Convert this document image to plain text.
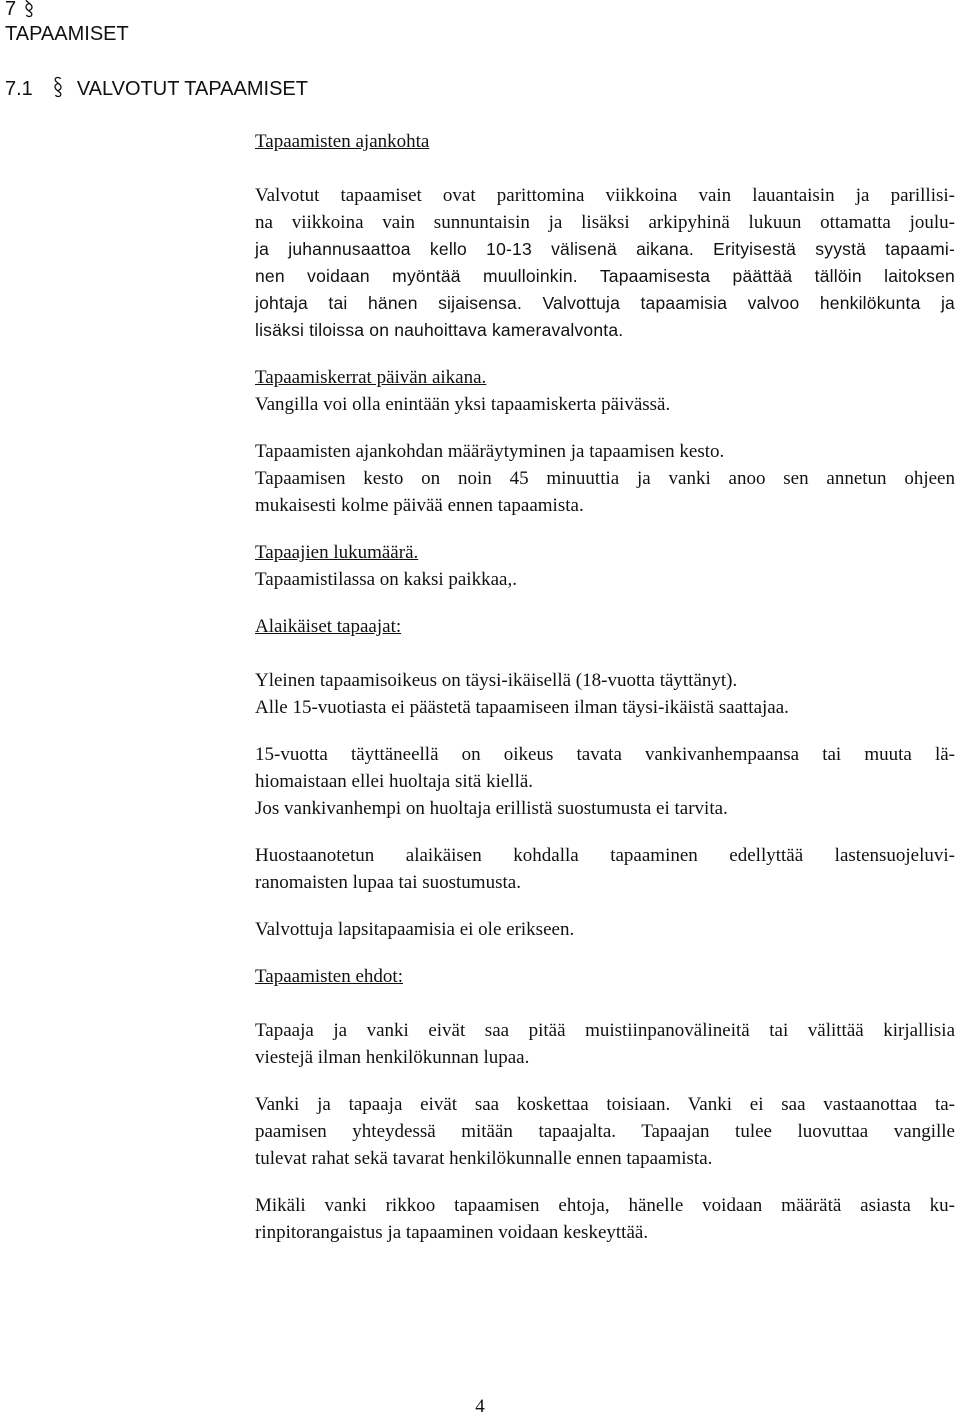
7
TAPAAMISET
7.1 VALVOTUT TAPAAMISET
Tapaamisten ajankohta
Valvotut tapaamiset ovat parittomina viikkoina vain lauantaisin ja parillisi-
na viikkoina vain sunnuntaisin ja lisäksi arkipyhinä lukuun ottamatta joulu-
ja juhannusaattoa kello 10-13 välisenä aikana. Erityisestä syystä tapaami-
nen voidaan myöntää muulloinkin. Tapaamisesta päättää tällöin laitoksen
johtaja tai hänen sijaisensa. Valvottuja tapaamisia valvoo henkilökunta ja
lisäksi tiloissa on nauhoittava kameravalvonta.
Tapaamiskerrat päivän aikana.
Vangilla voi olla enintään yksi tapaamiskerta päivässä.
Tapaamisten ajankohdan määräytyminen ja tapaamisen kesto.
Tapaamisen kesto on noin 45 minuuttia ja vanki anoo sen annetun ohjeen
mukaisesti kolme päivää ennen tapaamista.
Tapaajien lukumäärä.
Tapaamistilassa on kaksi paikkaa,.
Alaikäiset tapaajat:
Yleinen tapaamisoikeus on täysi-ikäisellä (18-vuotta täyttänyt).
Alle 15-vuotiasta ei päästetä tapaamiseen ilman täysi-ikäistä saattajaa.
15-vuotta täyttäneellä on oikeus tavata vankivanhempaansa tai muuta lä-
hiomaistaan ellei huoltaja sitä kiellä.
Jos vankivanhempi on huoltaja erillistä suostumusta ei tarvita.
Huostaanotetun alaikäisen kohdalla tapaaminen edellyttää lastensuojeluvi-
ranomaisten lupaa tai suostumusta.
Valvottuja lapsitapaamisia ei ole erikseen.
Tapaamisten ehdot:
Tapaaja ja vanki eivät saa pitää muistiinpanovälineitä tai välittää kirjallisia
viestejä ilman henkilökunnan lupaa.
Vanki ja tapaaja eivät saa koskettaa toisiaan. Vanki ei saa vastaanottaa ta-
paamisen yhteydessä mitään tapaajalta. Tapaajan tulee luovuttaa vangille
tulevat rahat sekä tavarat henkilökunnalle ennen tapaamista.
Mikäli vanki rikkoo tapaamisen ehtoja, hänelle voidaan määrätä asiasta ku-
rinpitorangaistus ja tapaaminen voidaan keskeyttää.
4
